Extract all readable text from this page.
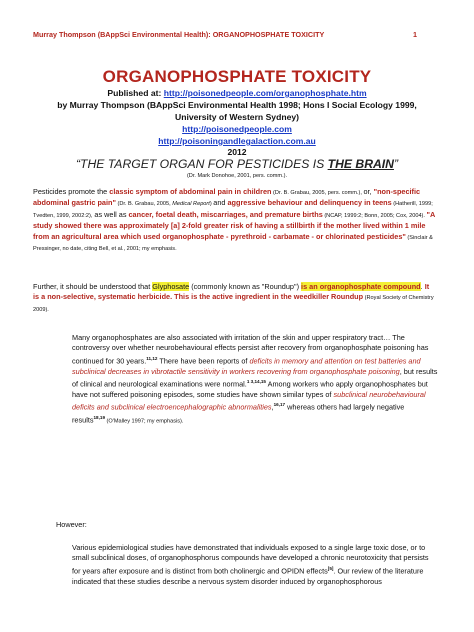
Murray Thompson (BAppSci Environmental Health): ORGANOPHOSPHATE TOXICITY	1
ORGANOPHOSPHATE TOXICITY
Published at: http://poisonedpeople.com/organophosphate.htm
by Murray Thompson (BAppSci Environmental Health 1998; Hons I Social Ecology 1999,
University of Western Sydney)
http://poisonedpeople.com
http://poisoningandlegalaction.com.au
2012
“THE TARGET ORGAN FOR PESTICIDES IS THE BRAIN”
(Dr. Mark Donohoe, 2001, pers. comm.).
Pesticides promote the classic symptom of abdominal pain in children (Dr. B. Grabau, 2005, pers. comm.), or, "non-specific abdominal gastric pain" (Dr. B. Grabau, 2005, Medical Report) and aggressive behaviour and delinquency in teens (Hatherill, 1999; Tvedten, 1999, 2002:2), as well as cancer, foetal death, miscarriages, and premature births (NCAP, 1999:2; Bonn, 2005; Cox, 2004). "A study showed there was approximately [a] 2-fold greater risk of having a stillbirth if the mother lived within 1 mile from an agricultural area which used organophosphate - pyrethroid - carbamate - or chlorinated pesticides" (Sinclair & Pressinger, no date, citing Bell, et al., 2001; my emphasis.
Further, it should be understood that Glyphosate (commonly known as "Roundup") is an organophosphate compound. It is a non-selective, systematic herbicide. This is the active ingredient in the weedkiller Roundup (Royal Society of Chemistry 2009).
Many organophosphates are also associated with irritation of the skin and upper respiratory tract… The controversy over whether neurobehavioural effects persist after recovery from organophosphate poisoning has continued for 30 years.$^{11,12}$ There have been reports of deficits in memory and attention on test batteries and subclinical decreases in vibrotactile sensitivity in workers recovering from organophosphate poisoning, but results of clinical and neurological examinations were normal.$^{1 3,14,15}$ Among workers who apply organophosphates but have not suffered poisoning episodes, some studies have shown similar types of subclinical neurobehavioural deficits and subclinical electroencephalographic abnormalities,$^{16,17}$ whereas others had largely negative results$^{18,19}$ (O'Malley 1997; my emphasis).
However:
Various epidemiological studies have demonstrated that individuals exposed to a single large toxic dose, or to small subclinical doses, of organophosphorus compounds have developed a chronic neurotoxicity that persists for years after exposure and is distinct from both cholinergic and OPIDN effects[5]. Our review of the literature indicated that these studies describe a nervous system disorder induced by organophosphorous
